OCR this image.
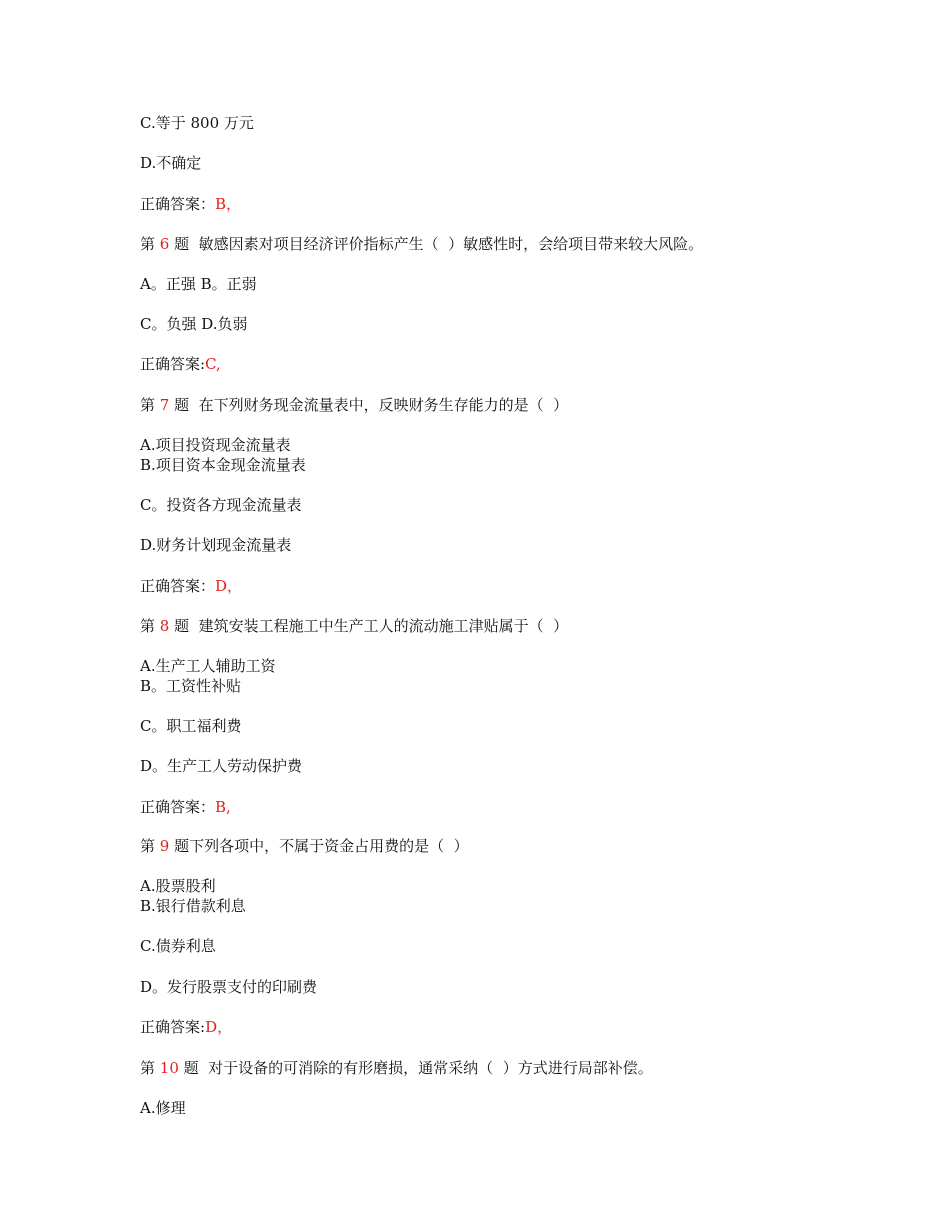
C.等于 800 万元
D.不确定
正确答案：B，
第 6 题  敏感因素对项目经济评价指标产生（  ）敏感性时，会给项目带来较大风险。
A。正强 B。正弱
C。负强 D.负弱
正确答案:C,
第 7 题  在下列财务现金流量表中，反映财务生存能力的是（  ）
A.项目投资现金流量表
B.项目资本金现金流量表
C。投资各方现金流量表
D.财务计划现金流量表
正确答案：D，
第 8 题  建筑安装工程施工中生产工人的流动施工津贴属于（  ）
A.生产工人辅助工资
B。工资性补贴
C。职工福利费
D。生产工人劳动保护费
正确答案：B,
第 9 题下列各项中，不属于资金占用费的是（  ）
A.股票股利
B.银行借款利息
C.债券利息
D。发行股票支付的印刷费
正确答案:D，
第 10 题  对于设备的可消除的有形磨损，通常采纳（  ）方式进行局部补偿。
A.修理
